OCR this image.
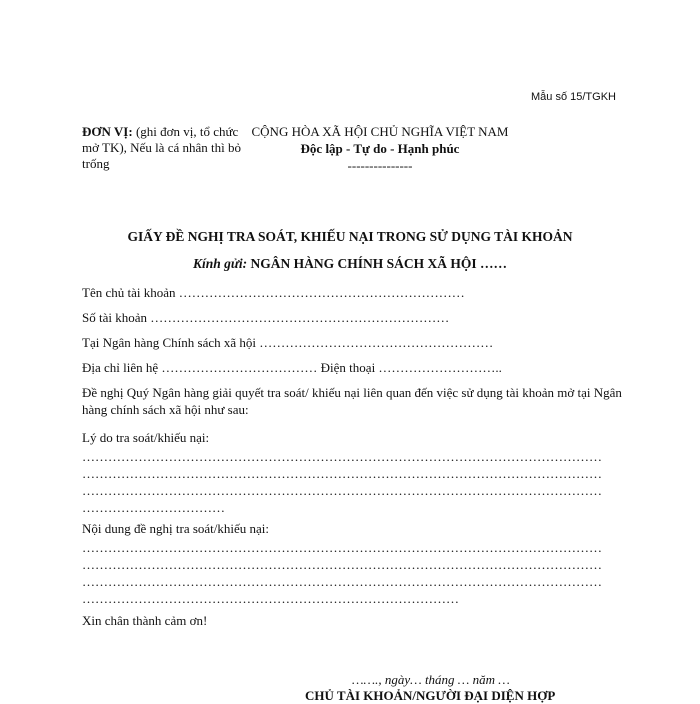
Mẫu số 15/TGKH
ĐƠN VỊ: (ghi đơn vị, tổ chức mở TK), Nếu là cá nhân thì bỏ trống
CỘNG HÒA XÃ HỘI CHỦ NGHĨA VIỆT NAM
Độc lập - Tự do - Hạnh phúc
---------------
GIẤY ĐỀ NGHỊ TRA SOÁT, KHIẾU NẠI TRONG SỬ DỤNG TÀI KHOẢN
Kính gửi: NGÂN HÀNG CHÍNH SÁCH XÃ HỘI ……
Tên chủ tài khoản …………………………………………………………
Số tài khoản ……………………………………………………………
Tại Ngân hàng Chính sách xã hội ………………………………………………
Địa chỉ liên hệ ……………………………… Điện thoại ………………………..
Đề nghị Quý Ngân hàng giải quyết tra soát/ khiếu nại liên quan đến việc sử dụng tài khoản mở tại Ngân hàng chính sách xã hội như sau:
Lý do tra soát/khiếu nại:
…………………………………………………………………………………………………………
…………………………………………………………………………………………………………
…………………………………………………………………………………………………………
……………………………
Nội dung đề nghị tra soát/khiếu nại:
…………………………………………………………………………………………………………
…………………………………………………………………………………………………………
…………………………………………………………………………………………………………
……………………………………………………………………………
Xin chân thành cảm ơn!
……., ngày… tháng … năm …
CHỦ TÀI KHOẢN/NGƯỜI ĐẠI DIỆN HỢP
